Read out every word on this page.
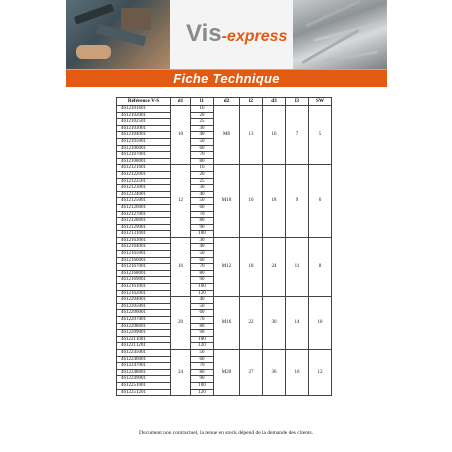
Vis-express
Fiche Technique
Référence V-S	d1	l1	d2	l2	d3	l3	SW
4612101601	10	16	M8	13	16	7	5
4612102001		20					
4612102501		25					
4612103001		30					
4612104001		40					
4612105001		50					
4612106001		60					
4612107001		70					
4612108001		80					
4612121601	12	16	M10	16	18	9	6
4612122001		20					
4612122501		25					
4612123001		30					
4612124001		40					
4612125001		50					
4612126001		60					
4612127001		70					
4612128001		80					
4612129001		90					
4612131001		100					
4612163001	16	30	M12	18	24	11	8
4612164001		40					
4612165001		50					
4612166001		60					
4612167001		70					
4612168001		80					
4612169001		90					
4612161001		100					
4612162001		120					
4612204001	20	40	M16	22	30	14	10
4612205001		50					
4612206001		60					
4612207001		70					
4612208001		80					
4612209001		90					
4612211001		100					
4612211201		120					
4612245001	24	50	M20	27	36	16	12
4612246001		60					
4612247001		70					
4612248001		80					
4612249001		90					
4612251001		100					
4612251201		120					
Document non contractuel, la tenue en stock dépend de la demande des clients.
